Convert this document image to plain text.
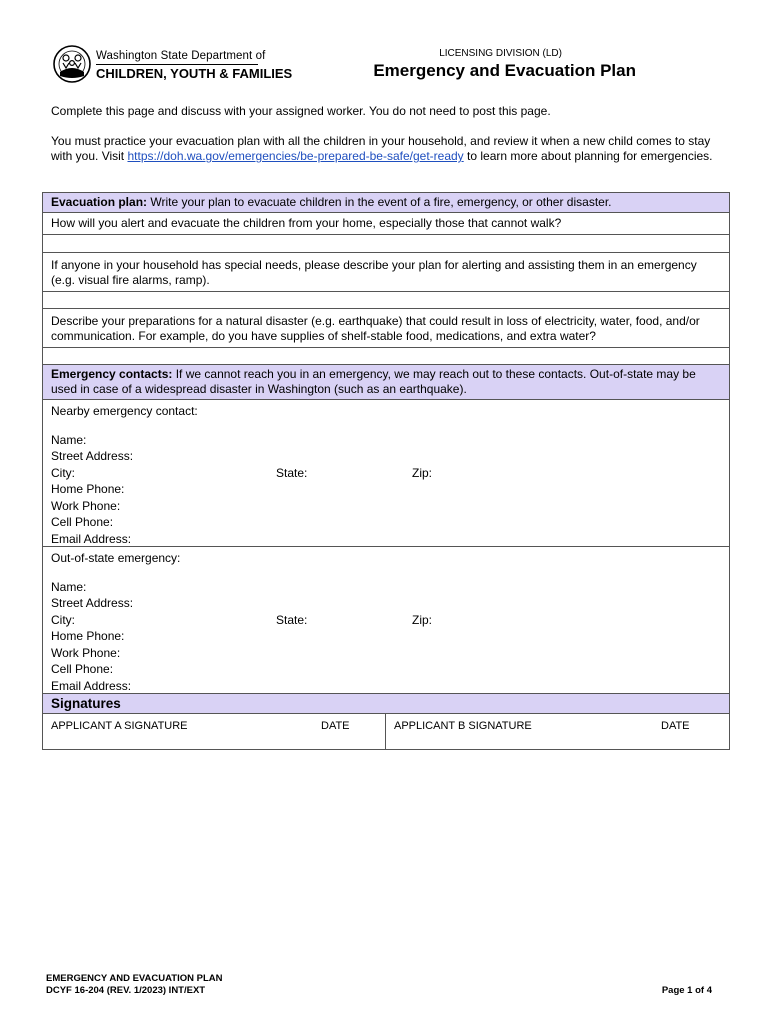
Washington State Department of
CHILDREN, YOUTH & FAMILIES
LICENSING DIVISION (LD)
Emergency and Evacuation Plan
Complete this page and discuss with your assigned worker. You do not need to post this page.
You must practice your evacuation plan with all the children in your household, and review it when a new child comes to stay with you. Visit https://doh.wa.gov/emergencies/be-prepared-be-safe/get-ready to learn more about planning for emergencies.
Evacuation plan: Write your plan to evacuate children in the event of a fire, emergency, or other disaster.
How will you alert and evacuate the children from your home, especially those that cannot walk?
If anyone in your household has special needs, please describe your plan for alerting and assisting them in an emergency (e.g. visual fire alarms, ramp).
Describe your preparations for a natural disaster (e.g. earthquake) that could result in loss of electricity, water, food, and/or communication. For example, do you have supplies of shelf-stable food, medications, and extra water?
Emergency contacts: If we cannot reach you in an emergency, we may reach out to these contacts. Out-of-state may be used in case of a widespread disaster in Washington (such as an earthquake).
Nearby emergency contact:
Name:
Street Address:
City:	State:	Zip:
Home Phone:
Work Phone:
Cell Phone:
Email Address:
Out-of-state emergency:
Name:
Street Address:
City:	State:	Zip:
Home Phone:
Work Phone:
Cell Phone:
Email Address:
Signatures
APPLICANT A SIGNATURE	DATE	APPLICANT B SIGNATURE	DATE
EMERGENCY AND EVACUATION PLAN
DCYF 16-204 (REV. 1/2023) INT/EXT	Page 1 of 4
